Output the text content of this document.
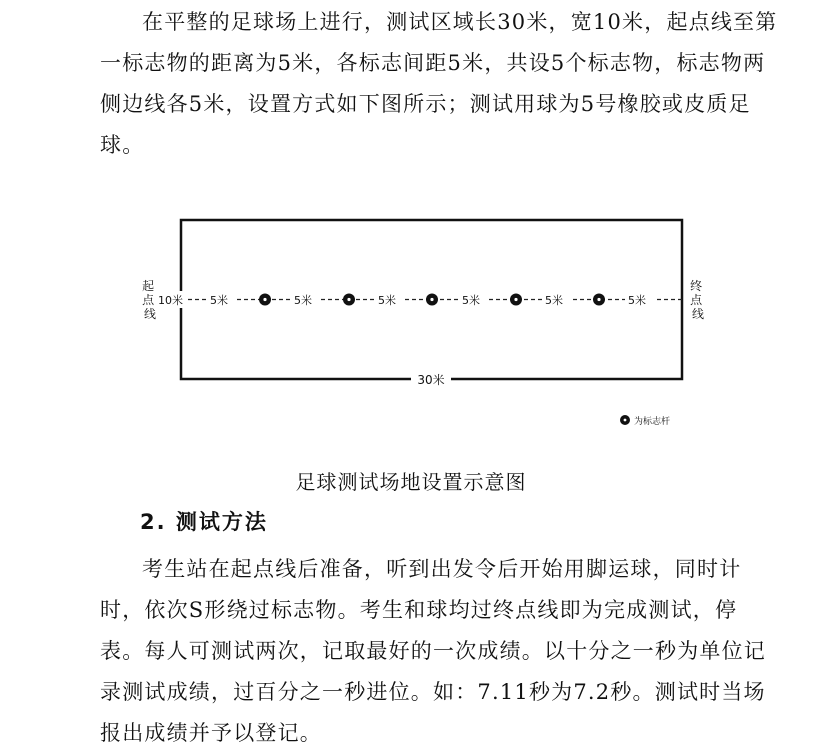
在平整的足球场上进行，测试区域长30米，宽10米，起点线至第一标志物的距离为5米，各标志间距5米，共设5个标志物，标志物两侧边线各5米，设置方式如下图所示；测试用球为5号橡胶或皮质足球。

10米 5米	5米	5米	5米	5米	5米
起 点 线
终 点 线
30米
为标志杆
足球测试场地设置示意图
2. 测试方法

考生站在起点线后准备，听到出发令后开始用脚运球，同时计时，依次S形绕过标志物。考生和球均过终点线即为完成测试，停表。每人可测试两次，记取最好的一次成绩。以十分之一秒为单位记录测试成绩，过百分之一秒进位。如：7.11秒为7.2秒。测试时当场报出成绩并予以登记。
